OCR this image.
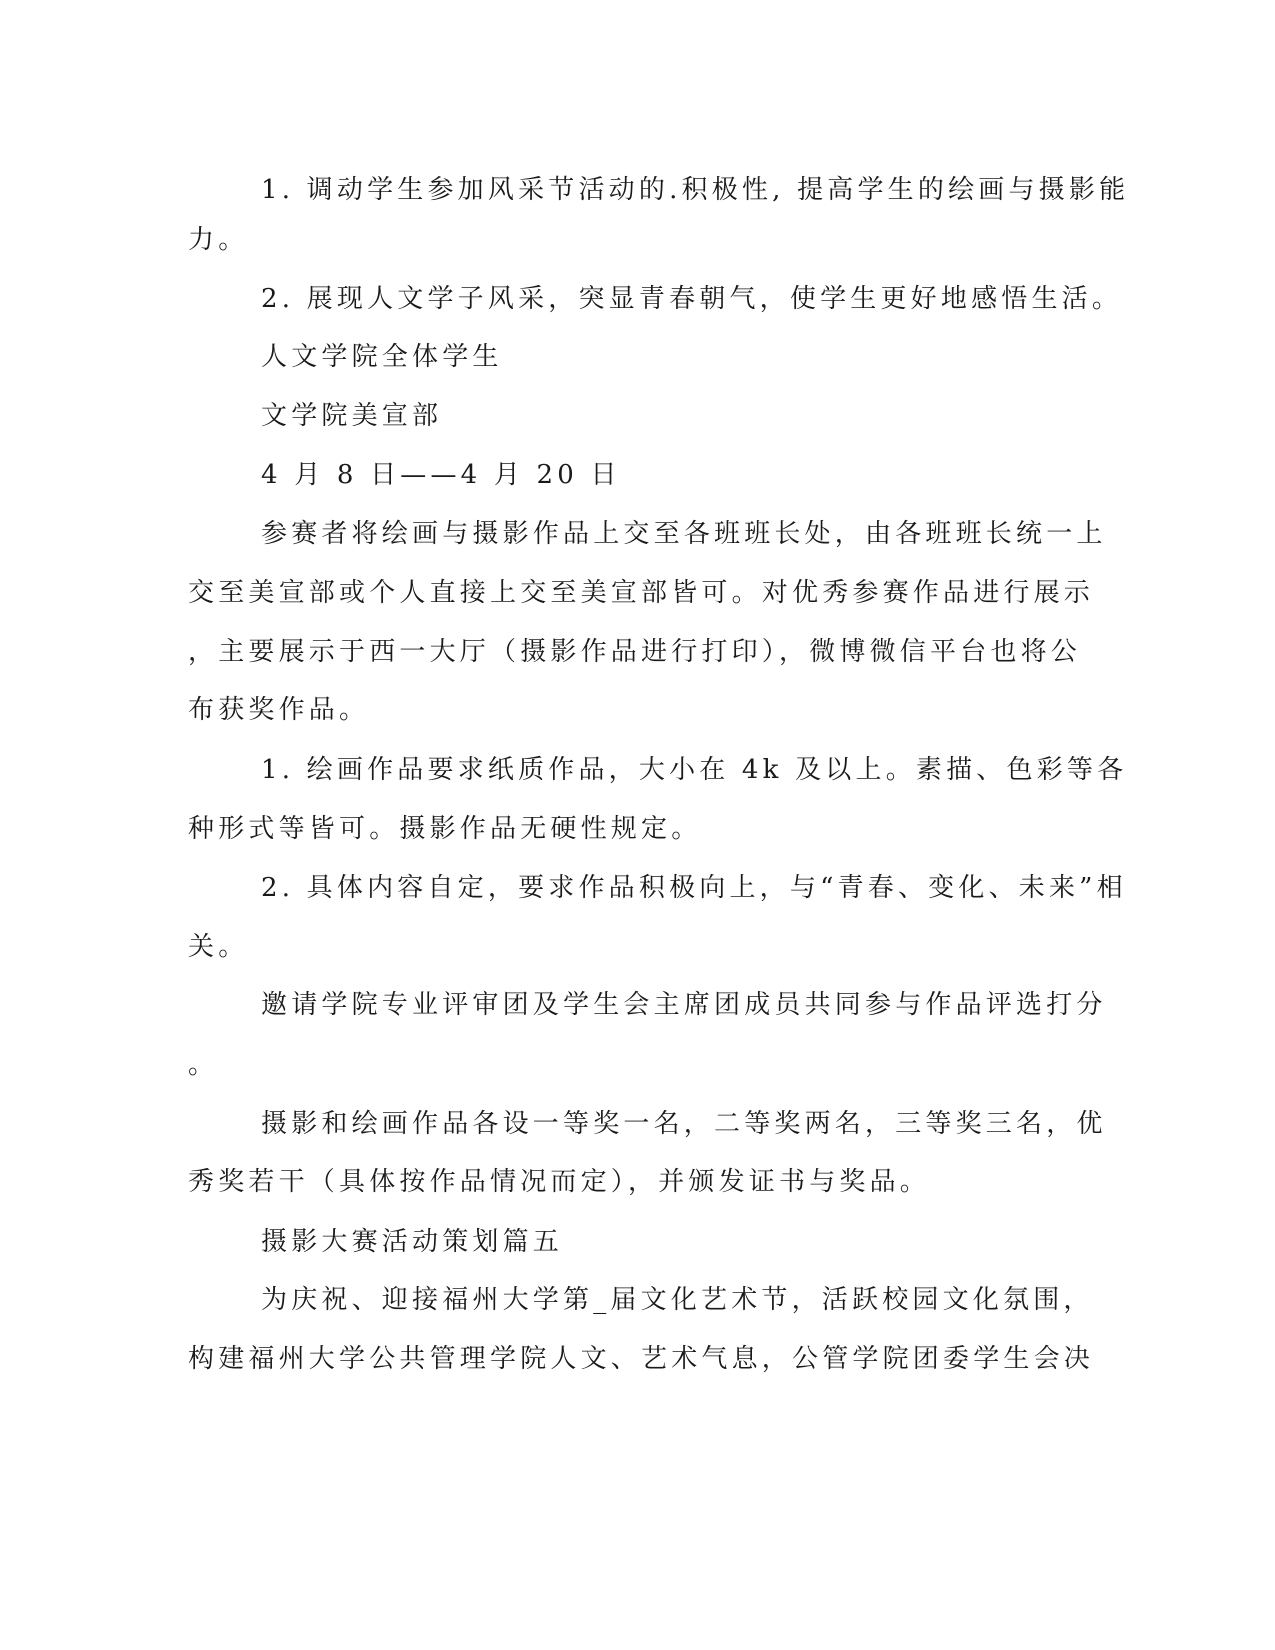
1. 调动学生参加风采节活动的.积极性, 提高学生的绘画与摄影能
力。
2. 展现人文学子风采，突显青春朝气，使学生更好地感悟生活。
人文学院全体学生
文学院美宣部
4 月 8 日——4 月 20 日
参赛者将绘画与摄影作品上交至各班班长处，由各班班长统一上
交至美宣部或个人直接上交至美宣部皆可。对优秀参赛作品进行展示
，主要展示于西一大厅（摄影作品进行打印），微博微信平台也将公
布获奖作品。
1. 绘画作品要求纸质作品，大小在 4k 及以上。素描、色彩等各
种形式等皆可。摄影作品无硬性规定。
2. 具体内容自定，要求作品积极向上，与“青春、变化、未来”相
关。
邀请学院专业评审团及学生会主席团成员共同参与作品评选打分
。
摄影和绘画作品各设一等奖一名，二等奖两名，三等奖三名，优
秀奖若干（具体按作品情况而定），并颁发证书与奖品。
摄影大赛活动策划篇五
为庆祝、迎接福州大学第_届文化艺术节，活跃校园文化氛围，
构建福州大学公共管理学院人文、艺术气息，公管学院团委学生会决
